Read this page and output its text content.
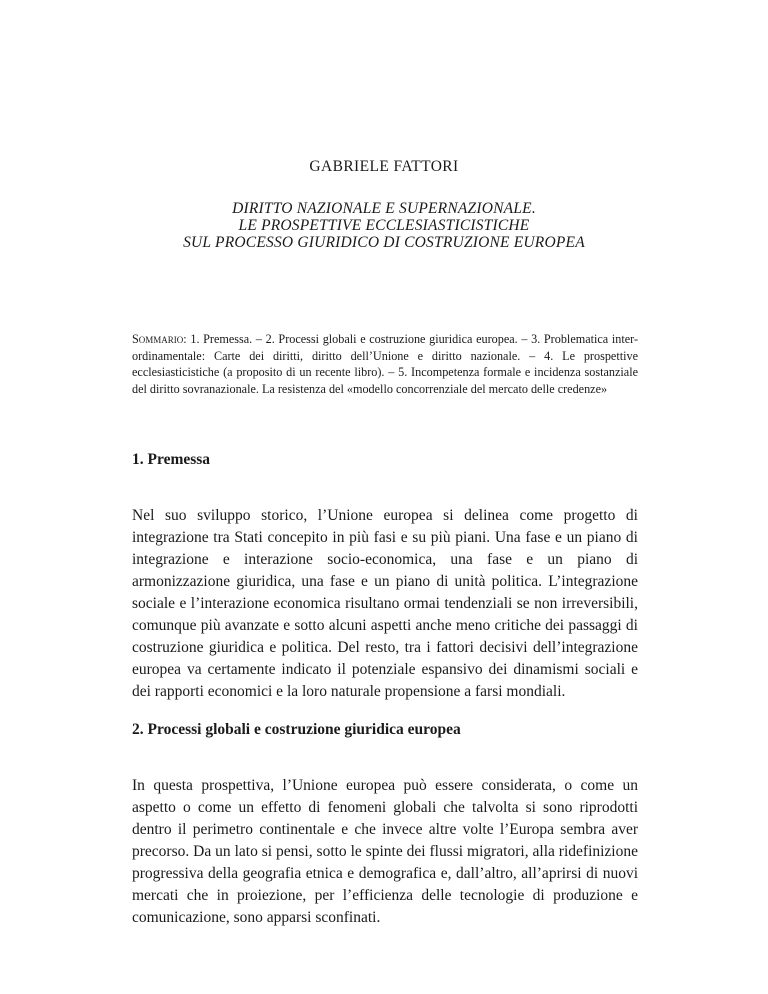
GABRIELE FATTORI
DIRITTO NAZIONALE E SUPERNAZIONALE.
LE PROSPETTIVE ECCLESIASTICISTICHE
SUL PROCESSO GIURIDICO DI COSTRUZIONE EUROPEA
Sommario: 1. Premessa. – 2. Processi globali e costruzione giuridica europea. – 3. Problematica inter-ordinamentale: Carte dei diritti, diritto dell’Unione e diritto nazionale. – 4. Le prospettive ecclesiasticistiche (a proposito di un recente libro). – 5. Incompetenza formale e incidenza sostanziale del diritto sovranazionale. La resistenza del «modello concorrenziale del mercato delle credenze»
1. Premessa
Nel suo sviluppo storico, l’Unione europea si delinea come progetto di integrazione tra Stati concepito in più fasi e su più piani. Una fase e un piano di integrazione e interazione socio-economica, una fase e un piano di armonizzazione giuridica, una fase e un piano di unità politica. L’integrazione sociale e l’interazione economica risultano ormai tendenziali se non irreversibili, comunque più avanzate e sotto alcuni aspetti anche meno critiche dei passaggi di costruzione giuridica e politica. Del resto, tra i fattori decisivi dell’integrazione europea va certamente indicato il potenziale espansivo dei dinamismi sociali e dei rapporti economici e la loro naturale propensione a farsi mondiali.
2. Processi globali e costruzione giuridica europea
In questa prospettiva, l’Unione europea può essere considerata, o come un aspetto o come un effetto di fenomeni globali che talvolta si sono riprodotti dentro il perimetro continentale e che invece altre volte l’Europa sembra aver precorso. Da un lato si pensi, sotto le spinte dei flussi migratori, alla ridefinizione progressiva della geografia etnica e demografica e, dall’altro, all’aprirsi di nuovi mercati che in proiezione, per l’efficienza delle tecnologie di produzione e comunicazione, sono apparsi sconfinati.
